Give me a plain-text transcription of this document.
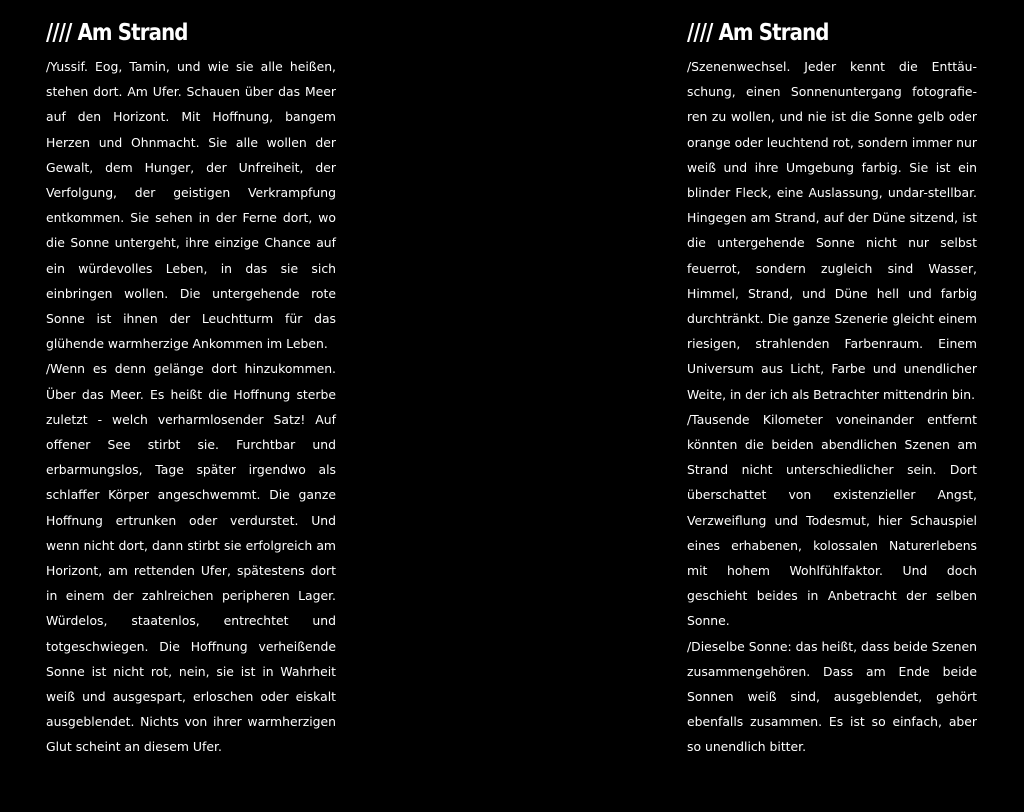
//// Am Strand

/Yussif. Eog, Tamin, und wie sie alle heißen, stehen dort. Am Ufer. Schauen über das Meer auf den Horizont. Mit Hoffnung, bangem Herzen und Ohnmacht. Sie alle wollen der Gewalt, dem Hunger, der Unfreiheit, der Verfolgung, der geistigen Verkrampfung entkommen. Sie sehen in der Ferne dort, wo die Sonne untergeht, ihre einzige Chance auf ein würdevolles Leben, in das sie sich einbringen wollen. Die untergehende rote Sonne ist ihnen der Leuchtturm für das glühende warmherzige Ankommen im Leben.

/Wenn es denn gelänge dort hinzukommen. Über das Meer. Es heißt die Hoffnung sterbe zuletzt - welch verharmlosender Satz! Auf offener See stirbt sie. Furchtbar und erbarmungslos, Tage später irgendwo als schlaffer Körper angeschwemmt. Die ganze Hoffnung ertrunken oder verdurstet. Und wenn nicht dort, dann stirbt sie erfolgreich am Horizont, am rettenden Ufer, spätestens dort in einem der zahlreichen peripheren Lager. Würdelos, staatenlos, entrechtet und totgeschwiegen. Die Hoffnung verheißende Sonne ist nicht rot, nein, sie ist in Wahrheit weiß und ausgespart, erloschen oder eiskalt ausgeblendet. Nichts von ihrer warmherzigen Glut scheint an diesem Ufer.

//// Am Strand

/Szenenwechsel. Jeder kennt die Enttäu-schung, einen Sonnenuntergang fotografie-ren zu wollen, und nie ist die Sonne gelb oder orange oder leuchtend rot, sondern immer nur weiß und ihre Umgebung farbig. Sie ist ein blinder Fleck, eine Auslassung, undar-stellbar. Hingegen am Strand, auf der Düne sitzend, ist die untergehende Sonne nicht nur selbst feuerrot, sondern zugleich sind Wasser, Himmel, Strand, und Düne hell und farbig durchtränkt. Die ganze Szenerie gleicht einem riesigen, strahlenden Farbenraum. Einem Universum aus Licht, Farbe und unendlicher Weite, in der ich als Betrachter mittendrin bin.

/Tausende Kilometer voneinander entfernt könnten die beiden abendlichen Szenen am Strand nicht unterschiedlicher sein. Dort überschattet von existenzieller Angst, Verzweiflung und Todesmut, hier Schauspiel eines erhabenen, kolossalen Naturerlebens mit hohem Wohlfühlfaktor. Und doch geschieht beides in Anbetracht der selben Sonne.

/Dieselbe Sonne: das heißt, dass beide Szenen zusammengehören. Dass am Ende beide Sonnen weiß sind, ausgeblendet, gehört ebenfalls zusammen. Es ist so einfach, aber so unendlich bitter.
